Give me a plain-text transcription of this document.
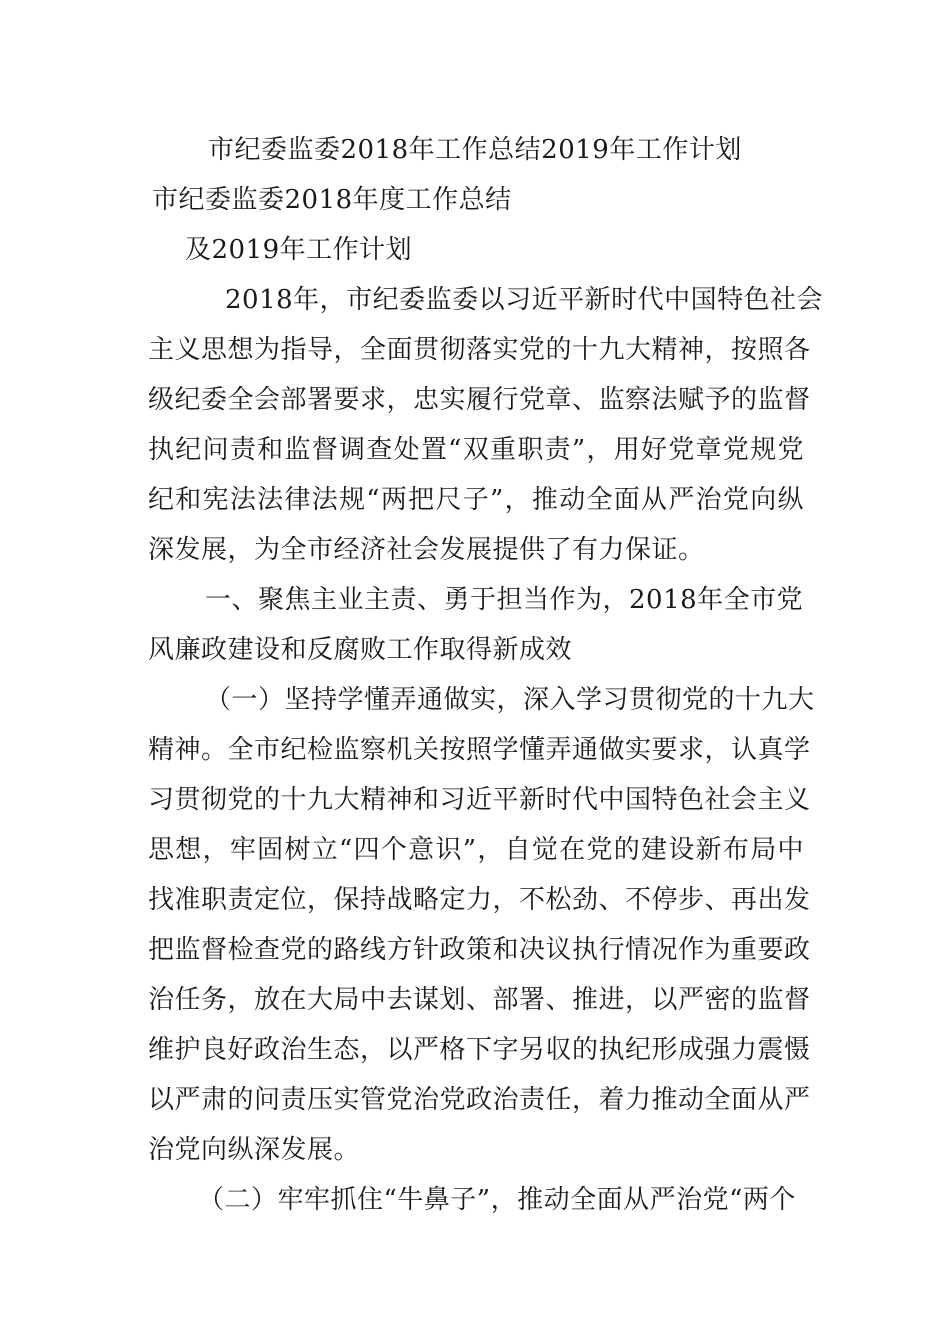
市纪委监委2018年工作总结2019年工作计划
市纪委监委2018年度工作总结
及2019年工作计划
2018年，市纪委监委以习近平新时代中国特色社会
主义思想为指导，全面贯彻落实党的十九大精神，按照各
级纪委全会部署要求，忠实履行党章、监察法赋予的监督
执纪问责和监督调查处置“双重职责”，用好党章党规党
纪和宪法法律法规“两把尺子”，推动全面从严治党向纵
深发展，为全市经济社会发展提供了有力保证。
一、聚焦主业主责、勇于担当作为，2018年全市党
风廉政建设和反腐败工作取得新成效
（一）坚持学懂弄通做实，深入学习贯彻党的十九大
精神。全市纪检监察机关按照学懂弄通做实要求，认真学
习贯彻党的十九大精神和习近平新时代中国特色社会主义
思想，牢固树立“四个意识”，自觉在党的建设新布局中
找准职责定位，保持战略定力，不松劲、不停步、再出发
把监督检查党的路线方针政策和决议执行情况作为重要政
治任务，放在大局中去谋划、部署、推进，以严密的监督
维护良好政治生态，以严格下字另収的执纪形成强力震慑
以严肃的问责压实管党治党政治责任，着力推动全面从严
治党向纵深发展。
（二）牢牢抓住“牛鼻子”，推动全面从严治党“两个
